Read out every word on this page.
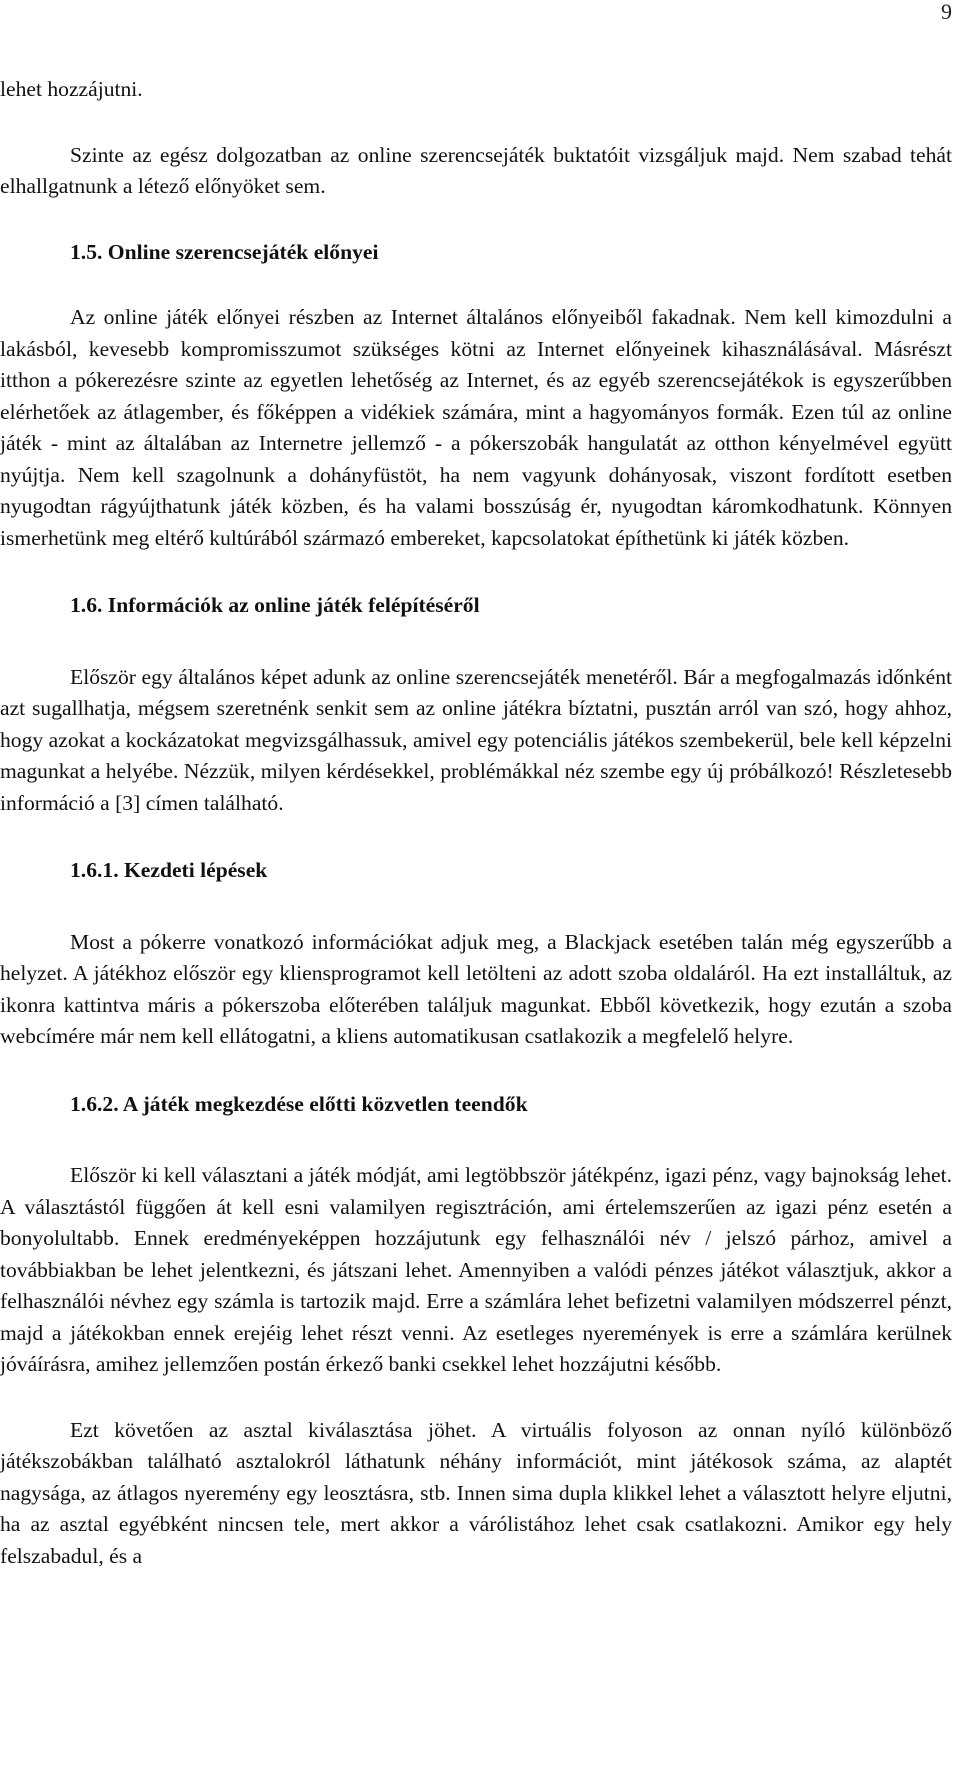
9

lehet hozzájutni.

Szinte az egész dolgozatban az online szerencsejáték buktatóit vizsgáljuk majd. Nem szabad tehát elhallgatnunk a létező előnyöket sem.

1.5. Online szerencsejáték előnyei

Az online játék előnyei részben az Internet általános előnyeiből fakadnak. Nem kell kimozdulni a lakásból, kevesebb kompromisszumot szükséges kötni az Internet előnyeinek kihasználásával. Másrészt itthon a pókerezésre szinte az egyetlen lehetőség az Internet, és az egyéb szerencsejátékok is egyszerűbben elérhetőek az átlagember, és főképpen a vidékiek számára, mint a hagyományos formák. Ezen túl az online játék - mint az általában az Internetre jellemző - a pókerszobák hangulatát az otthon kényelmével együtt nyújtja. Nem kell szagolnunk a dohányfüstöt, ha nem vagyunk dohányosak, viszont fordított esetben nyugodtan rágyújthatunk játék közben, és ha valami bosszúság ér, nyugodtan káromkodhatunk. Könnyen ismerhetünk meg eltérő kultúrából származó embereket, kapcsolatokat építhetünk ki játék közben.

1.6. Információk az online játék felépítéséről

Először egy általános képet adunk az online szerencsejáték menetéről. Bár a megfogalmazás időnként azt sugallhatja, mégsem szeretnénk senkit sem az online játékra bíztatni, pusztán arról van szó, hogy ahhoz, hogy azokat a kockázatokat megvizsgálhassuk, amivel egy potenciális játékos szembekerül, bele kell képzelni magunkat a helyébe. Nézzük, milyen kérdésekkel, problémákkal néz szembe egy új próbálkozó! Részletesebb információ a [3] címen található.

1.6.1. Kezdeti lépések

Most a pókerre vonatkozó információkat adjuk meg, a Blackjack esetében talán még egyszerűbb a helyzet. A játékhoz először egy kliensprogramot kell letölteni az adott szoba oldaláról. Ha ezt installáltuk, az ikonra kattintva máris a pókerszoba előterében találjuk magunkat. Ebből következik, hogy ezután a szoba webcímére már nem kell ellátogatni, a kliens automatikusan csatlakozik a megfelelő helyre.

1.6.2. A játék megkezdése előtti közvetlen teendők

Először ki kell választani a játék módját, ami legtöbbször játékpénz, igazi pénz, vagy bajnokság lehet. A választástól függően át kell esni valamilyen regisztráción, ami értelemszerűen az igazi pénz esetén a bonyolultabb. Ennek eredményeképpen hozzájutunk egy felhasználói név / jelszó párhoz, amivel a továbbiakban be lehet jelentkezni, és játszani lehet. Amennyiben a valódi pénzes játékot választjuk, akkor a felhasználói névhez egy számla is tartozik majd. Erre a számlára lehet befizetni valamilyen módszerrel pénzt, majd a játékokban ennek erejéig lehet részt venni. Az esetleges nyeremények is erre a számlára kerülnek jóváírásra, amihez jellemzően postán érkező banki csekkel lehet hozzájutni később.

Ezt követően az asztal kiválasztása jöhet. A virtuális folyoson az onnan nyíló különböző játékszobákban található asztalokról láthatunk néhány információt, mint játékosok száma, az alaptét nagysága, az átlagos nyeremény egy leosztásra, stb. Innen sima dupla klikkel lehet a választott helyre eljutni, ha az asztal egyébként nincsen tele, mert akkor a várólistához lehet csak csatlakozni. Amikor egy hely felszabadul, és a
